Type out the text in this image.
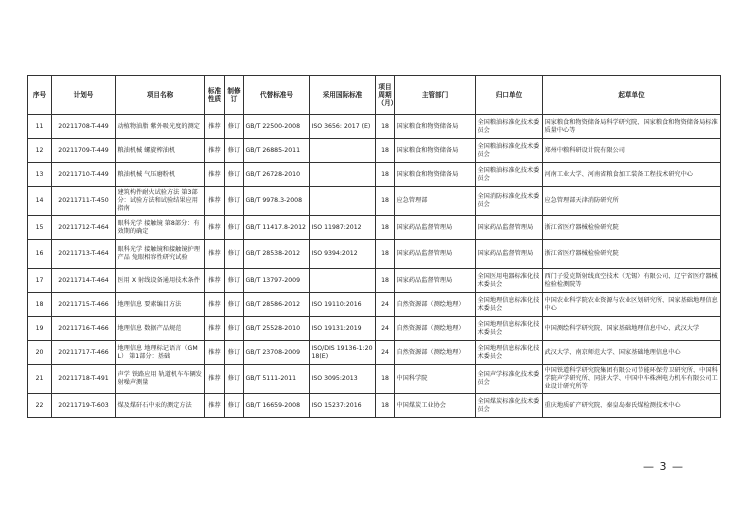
序号	计划号	项目名称	标准性质	制修订	代替标准号	采用国际标准	项目周期（月）	主管部门	归口单位	起草单位
11	20211708-T-449	动植物油脂 紫外吸光度的测定	推荐	修订	GB/T 22500-2008	ISO 3656: 2017 (E)	18	国家粮食和物资储备局	全国粮油标准化技术委员会	国家粮食和物资储备局科学研究院、国家粮食和物资储备局标准质量中心等
12	20211709-T-449	粮油机械 螺旋榨油机	推荐	修订	GB/T 26885-2011		18	国家粮食和物资储备局	全国粮油标准化技术委员会	郑州中粮科研设计院有限公司
13	20211710-T-449	粮油机械 气压磨粉机	推荐	修订	GB/T 26728-2010		18	国家粮食和物资储备局	全国粮油标准化技术委员会	河南工业大学、河南省粮食加工装备工程技术研究中心
14	20211711-T-450	建筑构件耐火试验方法 第3部分：试验方法和试验结果应用指南	推荐	修订	GB/T 9978.3-2008		18	应急管理部	全国消防标准化技术委员会	应急管理部天津消防研究所
15	20211712-T-464	眼科光学 接触镜 第8部分：有效期的确定	推荐	修订	GB/T 11417.8-2012	ISO 11987:2012	18	国家药品监督管理局	国家药品监督管理局	浙江省医疗器械检验研究院
16	20211713-T-464	眼科光学 接触镜和接触镜护理产品 兔眼相容性研究试验	推荐	修订	GB/T 28538-2012	ISO 9394:2012	18	国家药品监督管理局	国家药品监督管理局	浙江省医疗器械检验研究院
17	20211714-T-464	医用 X 射线设备通用技术条件	推荐	修订	GB/T 13797-2009		18	国家药品监督管理局	全国医用电器标准化技术委员会	西门子爱克斯射线真空技术（无锡）有限公司、辽宁省医疗器械检验检测院等
18	20211715-T-466	地理信息 要素编目方法	推荐	修订	GB/T 28586-2012	ISO 19110:2016	24	自然资源部（测绘地理）	全国地理信息标准化技术委员会	中国农业科学院农业资源与农业区划研究所、国家基础地理信息中心
19	20211716-T-466	地理信息 数据产品规范	推荐	修订	GB/T 25528-2010	ISO 19131:2019	24	自然资源部（测绘地理）	全国地理信息标准化技术委员会	中国测绘科学研究院、国家基础地理信息中心、武汉大学
20	20211717-T-466	地理信息 地理标记语言（GML） 第1部分：基础	推荐	修订	GB/T 23708-2009	ISO/DIS 19136-1:2018(E)	24	自然资源部（测绘地理）	全国地理信息标准化技术委员会	武汉大学、南京师范大学、国家基础地理信息中心
21	20211718-T-491	声学 铁路应用 轨道机车车辆发射噪声测量	推荐	修订	GB/T 5111-2011	ISO 3095:2013	18	中国科学院	全国声学标准化技术委员会	中国铁道科学研究院集团有限公司节能环保劳卫研究所、中国科学院声学研究所、同济大学、中国中车株洲电力机车有限公司工业设计研究所等
22	20211719-T-603	煤及煤矸石中汞的测定方法	推荐	修订	GB/T 16659-2008	ISO 15237:2016	18	中国煤炭工业协会	全国煤炭标准化技术委员会	重庆地质矿产研究院、秦皇岛秦氏煤检测技术中心
— 3 —
